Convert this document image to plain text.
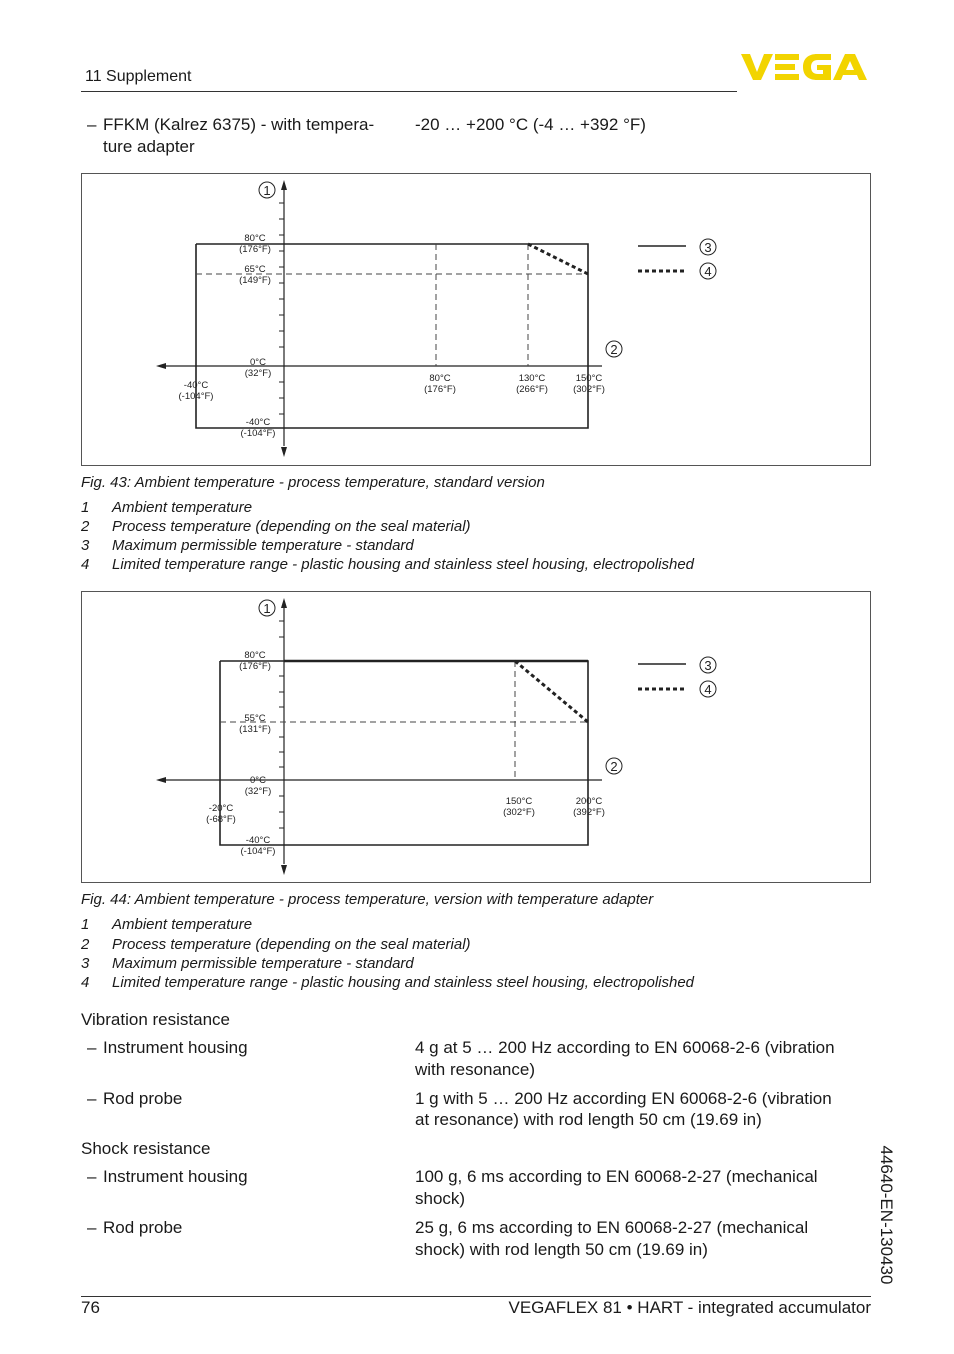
11 Supplement
– FFKM (Kalrez 6375) - with tempera-
ture adapter
-20 … +200 °C (-4 … +392 °F)
80°C
(176°F)
65°C
(149°F)
0°C
(32°F)
-40°C
(-104°F)
-40°C
(-104°F)
80°C
(176°F)
130°C
(266°F)
150°C
(302°F)
1
2
3
4
Fig. 43: Ambient temperature - process temperature, standard version
1 Ambient temperature
2 Process temperature (depending on the seal material)
3 Maximum permissible temperature - standard
4 Limited temperature range - plastic housing and stainless steel housing, electropolished
80°C
(176°F)
55°C
(131°F)
0°C
(32°F)
-40°C
(-104°F)
-20°C
(-68°F)
150°C
(302°F)
200°C
(392°F)
1
2
3
4
Fig. 44: Ambient temperature - process temperature, version with temperature adapter
1 Ambient temperature
2 Process temperature (depending on the seal material)
3 Maximum permissible temperature - standard
4 Limited temperature range - plastic housing and stainless steel housing, electropolished
Vibration resistance
– Instrument housing	4 g at 5 … 200 Hz according to EN 60068-2-6 (vibration
with resonance)
– Rod probe	1 g with 5 … 200 Hz according EN 60068-2-6 (vibration
at resonance) with rod length 50 cm (19.69 in)
Shock resistance
– Instrument housing	100 g, 6 ms according to EN 60068-2-27 (mechanical
shock)
– Rod probe	25 g, 6 ms according to EN 60068-2-27 (mechanical
shock) with rod length 50 cm (19.69 in)	44640-EN-130430
76	VEGAFLEX 81 • HART - integrated accumulator
